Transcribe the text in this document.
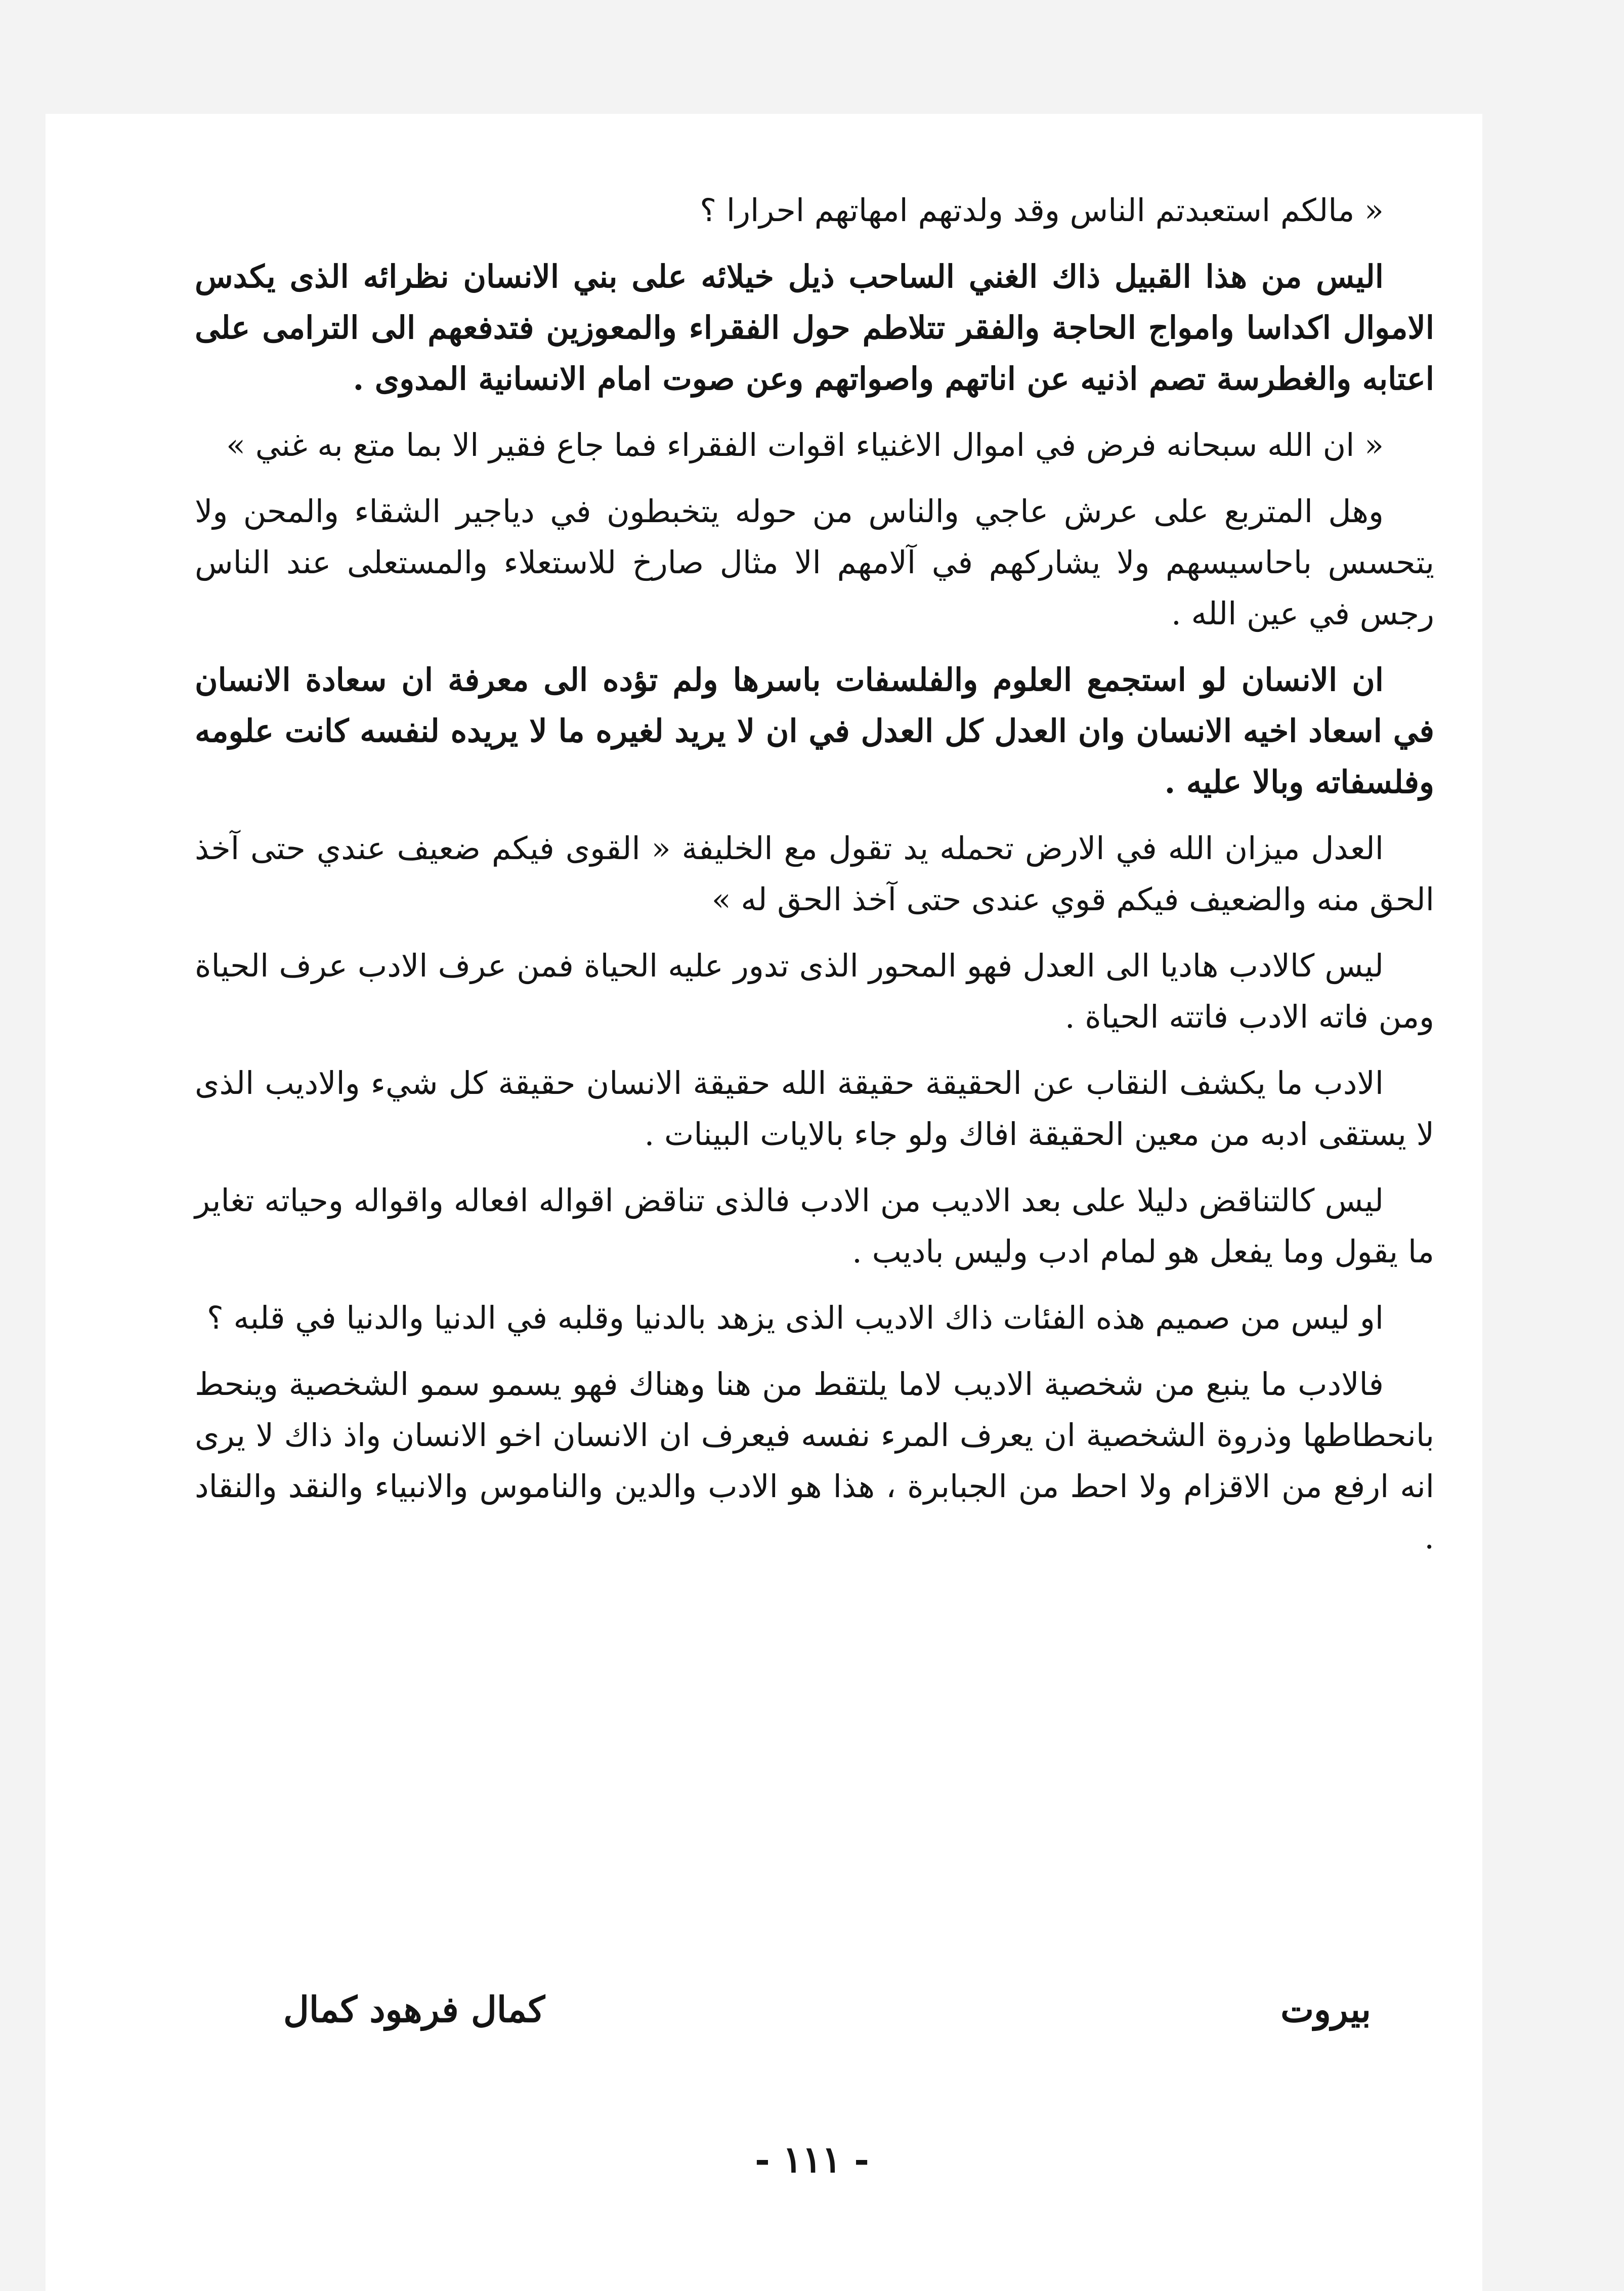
« مالكم استعبدتم الناس وقد ولدتهم امهاتهم احرارا ؟

اليس من هذا القبيل ذاك الغني الساحب ذيل خيلائه على بني الانسان نظرائه الذى يكدس الاموال اكداسا وامواج الحاجة والفقر تتلاطم حول الفقراء والمعوزين فتدفعهم الى الترامى على اعتابه والغطرسة تصم اذنيه عن اناتهم واصواتهم وعن صوت امام الانسانية المدوى .

« ان الله سبحانه فرض في اموال الاغنياء اقوات الفقراء فما جاع فقير الا بما متع به غني »

وهل المتربع على عرش عاجي والناس من حوله يتخبطون في دياجير الشقاء والمحن ولا يتحسس باحاسيسهم ولا يشاركهم في آلامهم الا مثال صارخ للاستعلاء والمستعلى عند الناس رجس في عين الله .

ان الانسان لو استجمع العلوم والفلسفات باسرها ولم تؤده الى معرفة ان سعادة الانسان في اسعاد اخيه الانسان وان العدل كل العدل في ان لا يريد لغيره ما لا يريده لنفسه كانت علومه وفلسفاته وبالا عليه .

العدل ميزان الله في الارض تحمله يد تقول مع الخليفة « القوى فيكم ضعيف عندي حتى آخذ الحق منه والضعيف فيكم قوي عندى حتى آخذ الحق له »

ليس كالادب هاديا الى العدل فهو المحور الذى تدور عليه الحياة فمن عرف الادب عرف الحياة ومن فاته الادب فاتته الحياة .

الادب ما يكشف النقاب عن الحقيقة حقيقة الله حقيقة الانسان حقيقة كل شيء والاديب الذى لا يستقى ادبه من معين الحقيقة افاك ولو جاء بالايات البينات .

ليس كالتناقض دليلا على بعد الاديب من الادب فالذى تناقض اقواله افعاله واقواله وحياته تغاير ما يقول وما يفعل هو لمام ادب وليس باديب .

او ليس من صميم هذه الفئات ذاك الاديب الذى يزهد بالدنيا وقلبه في الدنيا والدنيا في قلبه ؟

فالادب ما ينبع من شخصية الاديب لاما يلتقط من هنا وهناك فهو يسمو سمو الشخصية وينحط بانحطاطها وذروة الشخصية ان يعرف المرء نفسه فيعرف ان الانسان اخو الانسان واذ ذاك لا يرى انه ارفع من الاقزام ولا احط من الجبابرة ، هذا هو الادب والدين والناموس والانبياء والنقد والنقاد .

بيروت
كمال فرهود كمال
- ١١١ -
